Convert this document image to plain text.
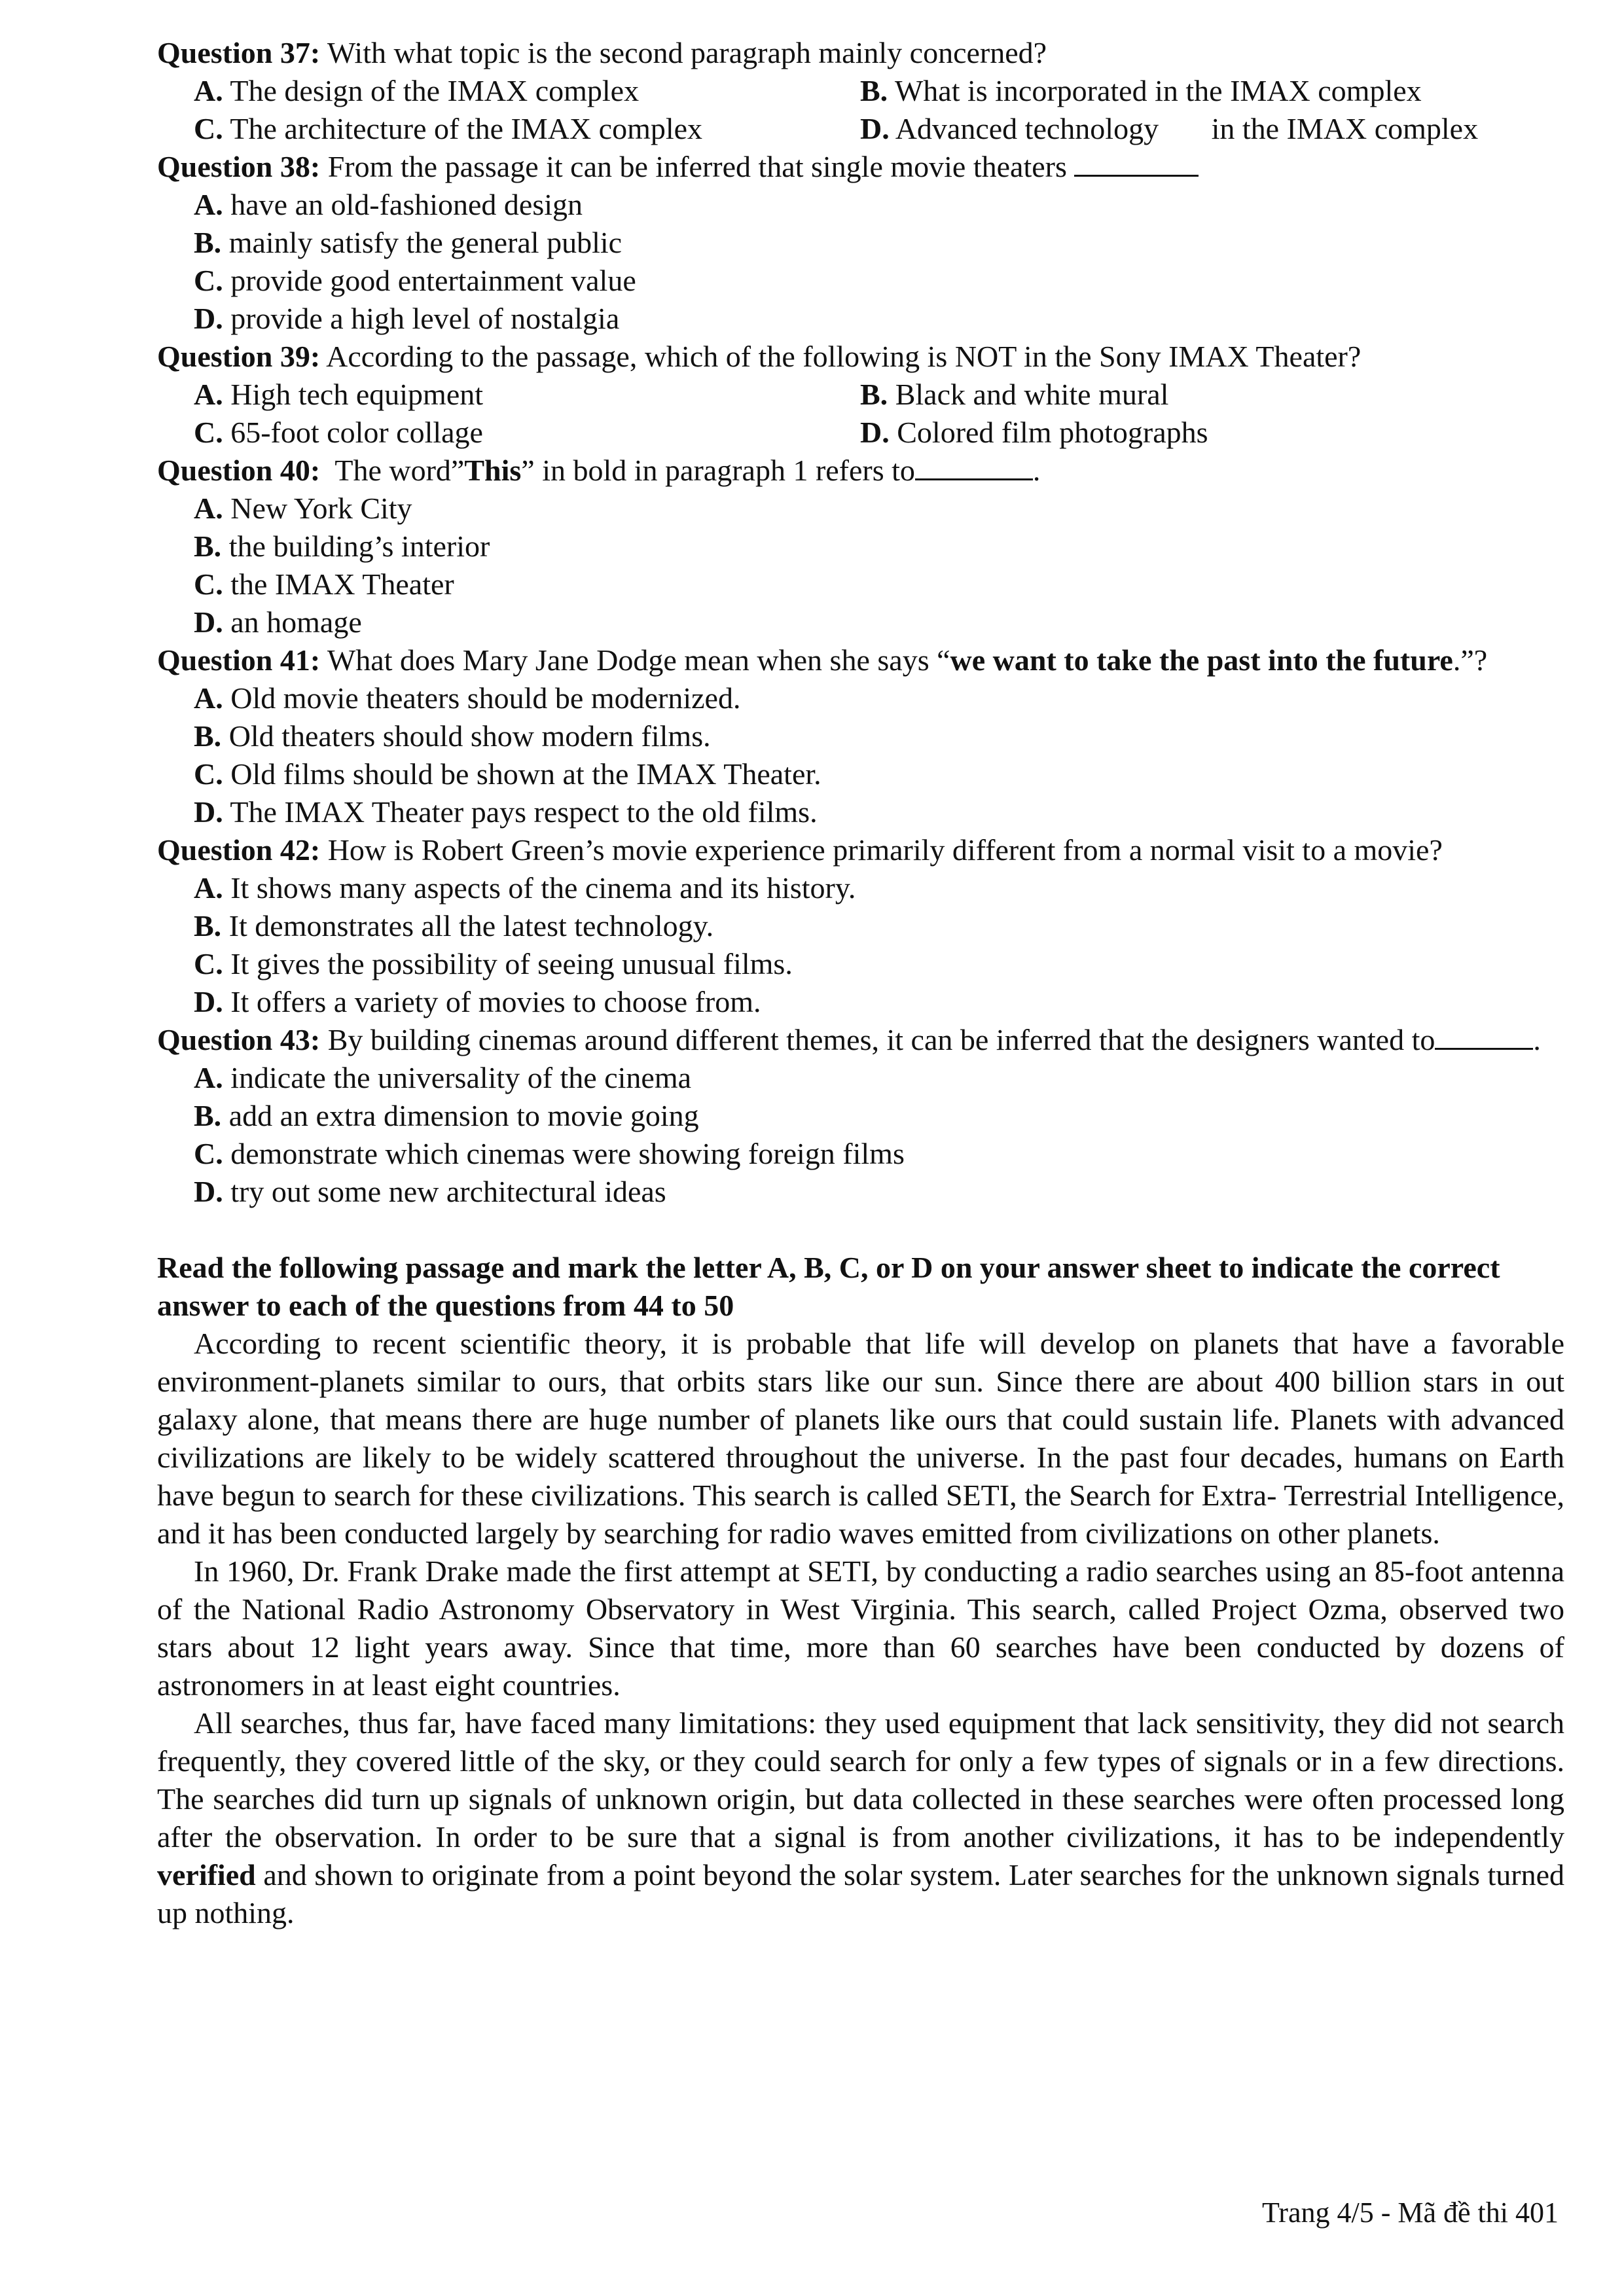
Question 37: With what topic is the second paragraph mainly concerned?
A. The design of the IMAX complex	B. What is incorporated in the IMAX complex
C. The architecture of the IMAX complex	D. Advanced technology       in the IMAX complex
Question 38: From the passage it can be inferred that single movie theaters
A. have an old-fashioned design
B. mainly satisfy the general public
C. provide good entertainment value
D. provide a high level of nostalgia
Question 39: According to the passage, which of the following is NOT in the Sony IMAX Theater?
A. High tech equipment	B. Black and white mural
C. 65-foot color collage	D. Colored film photographs
Question 40: The word”This” in bold in paragraph 1 refers to	.
A. New York City
B. the building’s interior
C. the IMAX Theater
D. an homage
Question 41: What does Mary Jane Dodge mean when she says “we want to take the past into the future.”?
A. Old movie theaters should be modernized.
B. Old theaters should show modern films.
C. Old films should be shown at the IMAX Theater.
D. The IMAX Theater pays respect to the old films.
Question 42: How is Robert Green’s movie experience primarily different from a normal visit to a movie?
A. It shows many aspects of the cinema and its history.
B. It demonstrates all the latest technology.
C. It gives the possibility of seeing unusual films.
D. It offers a variety of movies to choose from.
Question 43: By building cinemas around different themes, it can be inferred that the designers wanted to	.
A. indicate the universality of the cinema
B. add an extra dimension to movie going
C. demonstrate which cinemas were showing foreign films
D. try out some new architectural ideas
Read the following passage and mark the letter A, B, C, or D on your answer sheet to indicate the correct answer to each of the questions from 44 to 50
According to recent scientific theory, it is probable that life will develop on planets that have a favorable environment-planets similar to ours, that orbits stars like our sun. Since there are about 400 billion stars in out galaxy alone, that means there are huge number of planets like ours that could sustain life. Planets with advanced civilizations are likely to be widely scattered throughout the universe. In the past four decades, humans on Earth have begun to search for these civilizations. This search is called SETI, the Search for Extra- Terrestrial Intelligence, and it has been conducted largely by searching for radio waves emitted from civilizations on other planets.
In 1960, Dr. Frank Drake made the first attempt at SETI, by conducting a radio searches using an 85-foot antenna of the National Radio Astronomy Observatory in West Virginia. This search, called Project Ozma, observed two stars about 12 light years away. Since that time, more than 60 searches have been conducted by dozens of astronomers in at least eight countries.
All searches, thus far, have faced many limitations: they used equipment that lack sensitivity, they did not search frequently, they covered little of the sky, or they could search for only a few types of signals or in a few directions. The searches did turn up signals of unknown origin, but data collected in these searches were often processed long after the observation. In order to be sure that a signal is from another civilizations, it has to be independently verified and shown to originate from a point beyond the solar system. Later searches for the unknown signals turned up nothing.
Trang 4/5 - Mã đề thi 401
